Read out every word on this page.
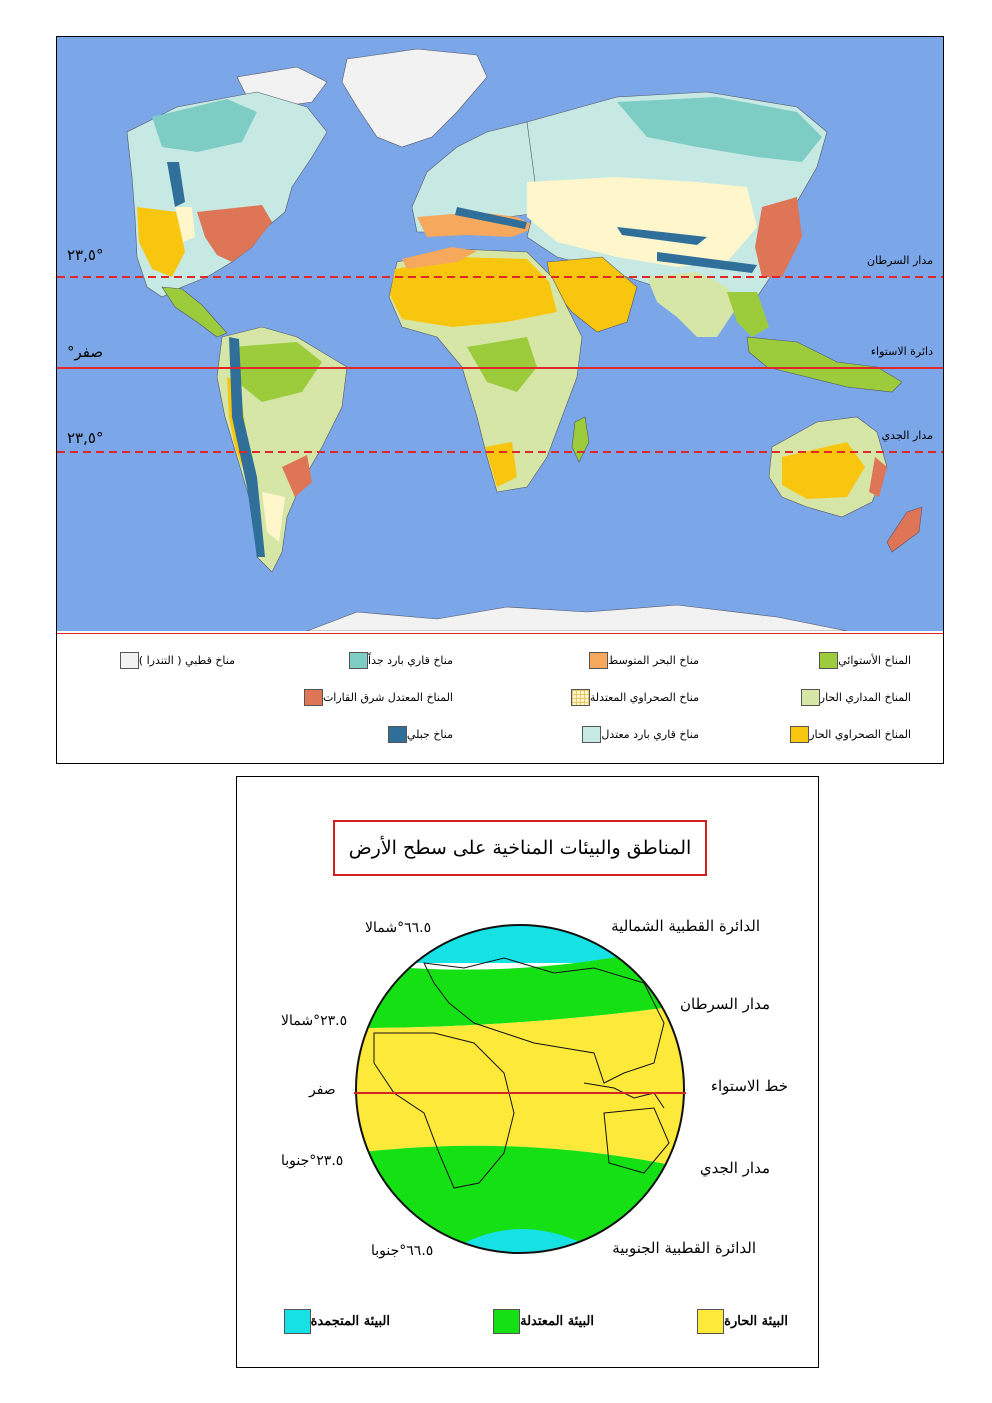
مدار السرطان
دائرة الاستواء
مدار الجدي
°٢٣,٥
صفر°
°٢٣,٥
المناخ الأستوائي
المناخ المداري الحار
المناخ الصحراوي الحار
مناخ البحر المتوسط
مناخ الصحراوي المعتدلة
مناخ قاري بارد معتدل
مناخ قاري بارد جداً
المناخ المعتدل شرق القارات
مناخ جبلي
مناخ قطبي ( التندرا )
المناطق والبيئات المناخية على سطح الأرض
الدائرة القطبية الشمالية
مدار السرطان
خط الاستواء
مدار الجدي
الدائرة القطبية الجنوبية
٦٦.٥°شمالا
٢٣.٥°شمالا
صفر
٢٣.٥°جنوبا
٦٦.٥°جنوبا
البيئة الحارة
البيئة المعتدلة
البيئة المتجمدة
